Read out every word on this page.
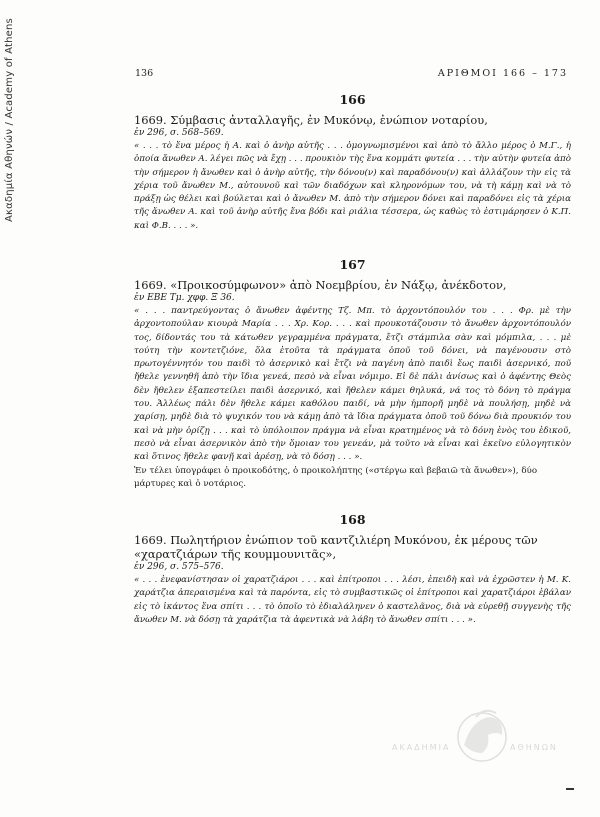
Ακαδημία Αθηνών / Academy of Athens	136	ΑΡΙΘΜΟΙ 166 – 173
166

1669. Σύμβασις ἀνταλλαγῆς, ἐν Μυκόνῳ, ἐνώπιον νοταρίου,

ἐν 296, σ. 568–569.

« . . . τὸ ἕνα μέρος ἡ Α. καὶ ὁ ἀνὴρ αὐτῆς . . . ὁμογνωμισμένοι καὶ ἀπὸ τὸ ἄλλο μέρος ὁ Μ.Γ., ἡ ὁποία ἄνωθεν Α. λέγει πῶς νὰ ἔχῃ . . . προυκιὸν τὴς ἕνα κομμάτι φυτεία . . . τὴν αὐτὴν φυτεία ἀπὸ τὴν σήμερον ἡ ἄνωθεν καὶ ὁ ἀνὴρ αὐτῆς, τὴν δόνου(ν) καὶ παραδόνου(ν) καὶ ἀλλάζουν τὴν εἰς τὰ χέρια τοῦ ἄνωθεν Μ., αὐτουνοῦ καὶ τῶν διαδόχων καὶ κληρονόμων του, νὰ τὴ κάμῃ καὶ νὰ τὸ πράξῃ ὡς θέλει καὶ βούλεται καὶ ὁ ἄνωθεν Μ. ἀπὸ τὴν σήμερον δόνει καὶ παραδόνει εἰς τὰ χέρια τῆς ἄνωθεν Α. καὶ τοῦ ἀνὴρ αὐτῆς ἕνα βόδι καὶ ριάλια τέσσερα, ὡς καθὼς τὸ ἐστιμάρησεν ὁ Κ.Π. καὶ Φ.Β. . . . ».

167

1669. «Προικοσύμφωνον» ἀπὸ Νοεμβρίου, ἐν Νάξῳ, ἀνέκδοτον,

ἐν ΕΒΕ Τμ. χφφ. Ξ 36.

« . . . παντρεύγοντας ὁ ἄνωθεν ἀφέντης Τζ. Μπ. τὸ ἀρχοντόπουλόν του . . . Φρ. μὲ τὴν ἀρχοντοπούλαν κιουρὰ Μαρία . . . Χρ. Κορ. . . . καὶ προυκοτάζουσιν τὸ ἄνωθεν ἀρχοντόπουλόν τος, δίδοντάς του τὰ κάτωθεν γεγραμμένα πράγματα, ἔτζι στάμπιλα σὰν καὶ μόμπιλα, . . . μὲ τούτη τὴν κοντετζιόνε, ὅλα ἐτοῦτα τὰ πράγματα ὁποῦ τοῦ δόνει, νὰ παγένουσιν στὸ πρωτογέννητόν του παιδὶ τὸ ἀσερνικὸ καὶ ἔτζι νὰ παγένη ἀπὸ παιδὶ ἕως παιδὶ ἀσερνικό, ποῦ ἤθελε γεννηθῆ ἀπὸ τὴν ἴδια γενεά, πεσὸ νὰ εἶναι νόμιμο. Εἰ δὲ πάλι ἀνίσως καὶ ὁ ἀφέντης Θεὸς δὲν ἤθελεν ἐξαπεστείλει παιδὶ ἀσερνικό, καὶ ἤθελεν κάμει θηλυκά, νά τος τὸ δόνη τὸ πράγμα του. Ἀλλέως πάλι δὲν ἤθελε κάμει καθόλου παιδί, νὰ μὴν ἠμπορῆ μηδὲ νὰ πουλήσῃ, μηδὲ νὰ χαρίσῃ, μηδὲ διὰ τὸ ψυχικόν του νὰ κάμῃ ἀπὸ τὰ ἴδια πράγματα ὁποῦ τοῦ δόνω διὰ προυκιόν του καὶ νὰ μὴν ὁρίζῃ . . . καὶ τὸ ὑπόλοιπον πράγμα νὰ εἶναι κρατημένος νὰ τὸ δόνη ἑνὸς του ἐδικοῦ, πεσὸ νὰ εἶναι ἀσερνικὸν ἀπὸ τὴν ὅμοιαν του γενεάν, μὰ τοῦτο νὰ εἶναι καὶ ἐκεῖνο εὐλογητικὸν καὶ ὅτινος ἤθελε φανῇ καὶ ἀρέσῃ, νὰ τὸ δόσῃ . . . ».

Ἐν τέλει ὑπογράφει ὁ προικοδότης, ὁ προικολήπτης («στέργω καὶ βεβαιῶ τὰ ἄνωθεν»), δύο μάρτυρες καὶ ὁ νοτάριος.

168

1669. Πωλητήριον ἐνώπιον τοῦ καντζιλιέρη Μυκόνου, ἐκ μέρους τῶν «χαρατζιάρων τῆς κουμμουνιτᾶς»,

ἐν 296, σ. 575–576.

« . . . ἐνεφανίστησαν οἱ χαρατζιάροι . . . καὶ ἐπίτροποι . . . λέσι, ἐπειδὴ καὶ νὰ ἐχρῶστεν ἡ Μ. Κ. χαράτζια ἀπεραισμένα καὶ τὰ παρόντα, εἰς τὸ συμβαστικῶς οἱ ἐπίτροποι καὶ χαρατζιάροι ἐβάλαν εἰς τὸ ἰκάντος ἕνα σπίτι . . . τὸ ὁποῖο τὸ ἐδιαλάληνεν ὁ καστελᾶνος, διὰ νὰ εὑρεθῇ συγγενὴς τῆς ἄνωθεν Μ. νὰ δόσῃ τὰ χαράτζια τὰ ἀφεντικὰ νὰ λάβη τὸ ἄνωθεν σπίτι . . . ».

ΑΚΑΔΗΜΙΑ	ΑΘΗΝΩΝ
